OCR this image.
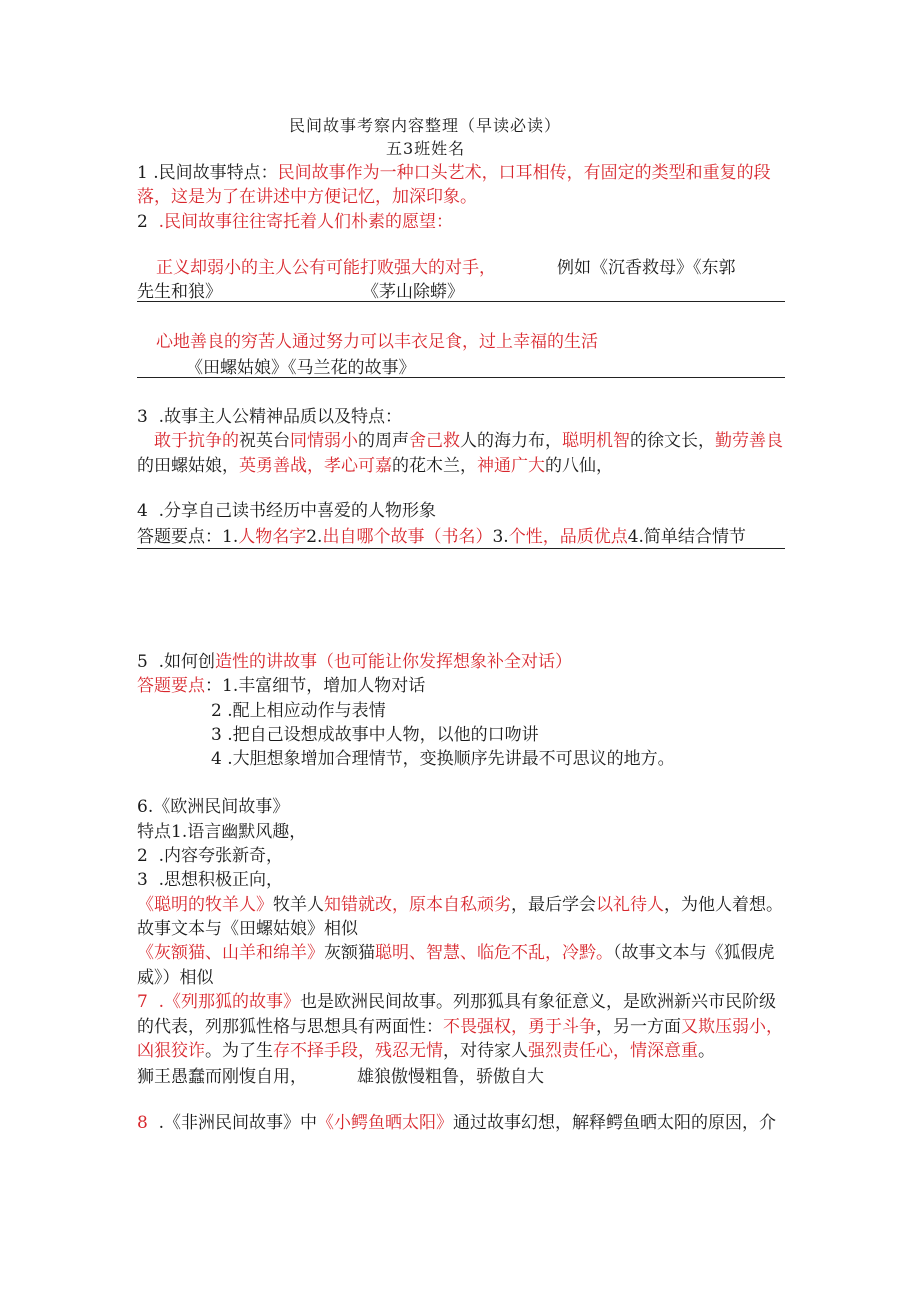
民间故事考察内容整理（早读必读）
五3班姓名
1 .民间故事特点：民间故事作为一种口头艺术，口耳相传，有固定的类型和重复的段
落，这是为了在讲述中方便记忆，加深印象。
2 .民间故事往往寄托着人们朴素的愿望：
正义却弱小的主人公有可能打败强大的对手，	例如《沉香救母》《东郭
先生和狼》	《茅山除蟒》
心地善良的穷苦人通过努力可以丰衣足食，过上幸福的生活
《田螺姑娘》《马兰花的故事》
3 .故事主人公精神品质以及特点：
敢于抗争的祝英台同情弱小的周声舍己救人的海力布，聪明机智的徐文长，勤劳善良
的田螺姑娘，英勇善战，孝心可嘉的花木兰，神通广大的八仙，
4 .分享自己读书经历中喜爱的人物形象
答题要点：1.人物名字2.出自哪个故事（书名）3.个性，品质优点4.简单结合情节
5 .如何创造性的讲故事（也可能让你发挥想象补全对话）
答题要点：1.丰富细节，增加人物对话
2 .配上相应动作与表情
3 .把自己设想成故事中人物，以他的口吻讲
4 .大胆想象增加合理情节，变换顺序先讲最不可思议的地方。
6.《欧洲民间故事》
特点1.语言幽默风趣，
2 .内容夸张新奇，
3 .思想积极正向，
《聪明的牧羊人》牧羊人知错就改，原本自私顽劣，最后学会以礼待人，为他人着想。
故事文本与《田螺姑娘》相似
《灰额猫、山羊和绵羊》灰额猫聪明、智慧、临危不乱，冷黔。（故事文本与《狐假虎
威》）相似
7 .《列那狐的故事》也是欧洲民间故事。列那狐具有象征意义，是欧洲新兴市民阶级
的代表，列那狐性格与思想具有两面性：不畏强权，勇于斗争，另一方面又欺压弱小，
凶狠狡诈。为了生存不择手段，残忍无情，对待家人强烈责任心，情深意重。
狮王愚蠢而刚愎自用，	雄狼傲慢粗鲁，骄傲自大
8 .《非洲民间故事》中《小鳄鱼晒太阳》通过故事幻想，解释鳄鱼晒太阳的原因，介
